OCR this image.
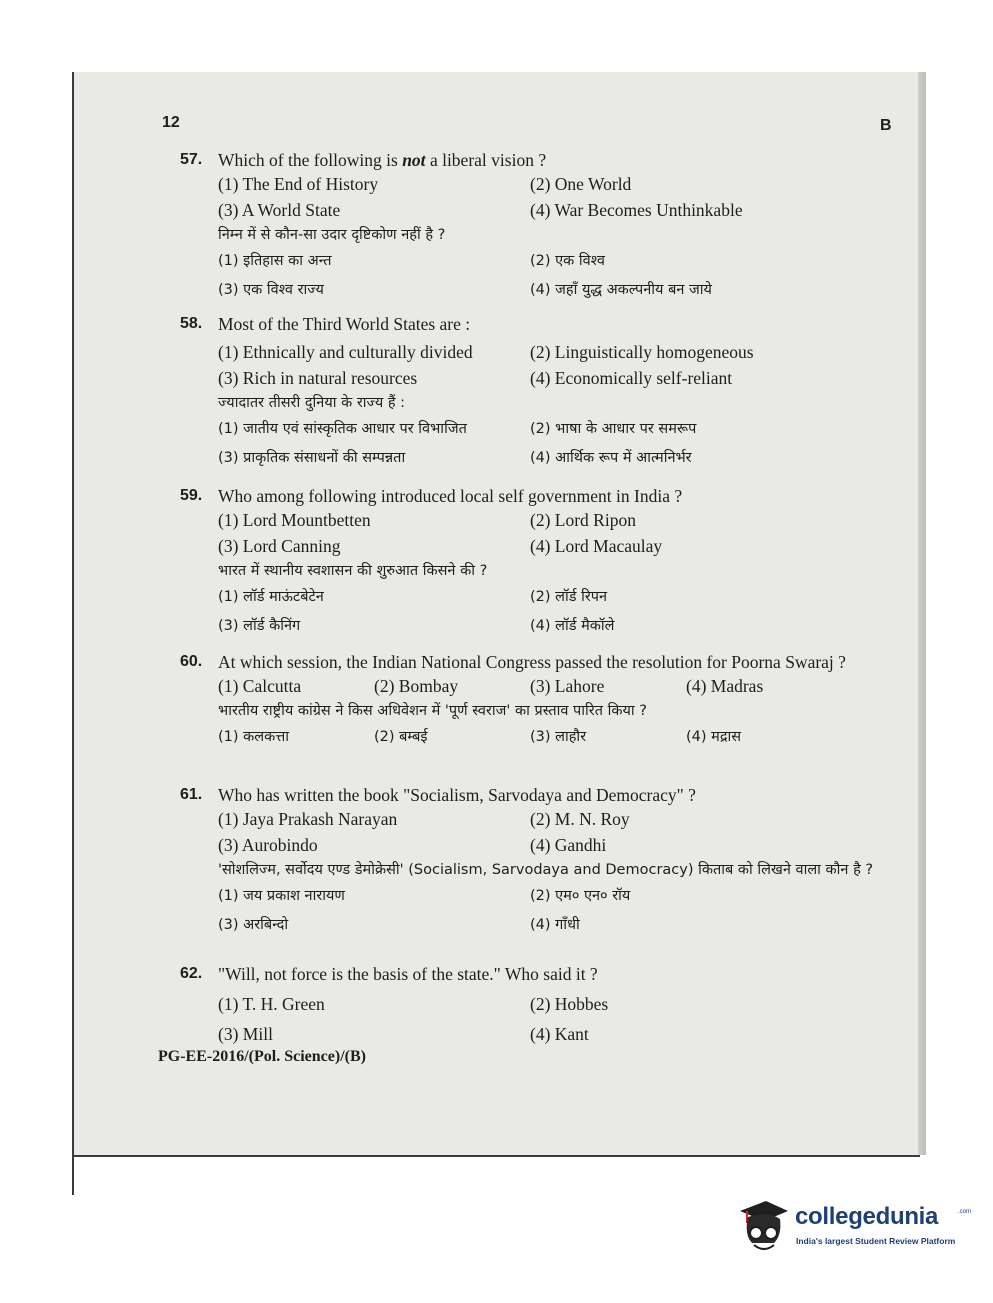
12	B
57. Which of the following is not a liberal vision ?
(1) The End of History	(2) One World
(3) A World State	(4) War Becomes Unthinkable
निम्न में से कौन-सा उदार दृष्टिकोण नहीं है ?
(1) इतिहास का अन्त	(2) एक विश्व
(3) एक विश्व राज्य	(4) जहाँ युद्ध अकल्पनीय बन जाये
58. Most of the Third World States are :
(1) Ethnically and culturally divided	(2) Linguistically homogeneous
(3) Rich in natural resources	(4) Economically self-reliant
ज्यादातर तीसरी दुनिया के राज्य हैं :
(1) जातीय एवं सांस्कृतिक आधार पर विभाजित	(2) भाषा के आधार पर समरूप
(3) प्राकृतिक संसाधनों की सम्पन्नता	(4) आर्थिक रूप में आत्मनिर्भर
59. Who among following introduced local self government in India ?
(1) Lord Mountbetten	(2) Lord Ripon
(3) Lord Canning	(4) Lord Macaulay
भारत में स्थानीय स्वशासन की शुरुआत किसने की ?
(1) लॉर्ड माऊंटबेटेन	(2) लॉर्ड रिपन
(3) लॉर्ड कैनिंग	(4) लॉर्ड मैकॉले
60. At which session, the Indian National Congress passed the resolution for Poorna Swaraj ?
(1) Calcutta	(2) Bombay	(3) Lahore	(4) Madras
भारतीय राष्ट्रीय कांग्रेस ने किस अधिवेशन में 'पूर्ण स्वराज' का प्रस्ताव पारित किया ?
(1) कलकत्ता	(2) बम्बई	(3) लाहौर	(4) मद्रास
61. Who has written the book "Socialism, Sarvodaya and Democracy" ?
(1) Jaya Prakash Narayan	(2) M. N. Roy
(3) Aurobindo	(4) Gandhi
'सोशलिज्म, सर्वोदय एण्ड डेमोक्रेसी' (Socialism, Sarvodaya and Democracy) किताब को लिखने वाला कौन है ?
(1) जय प्रकाश नारायण	(2) एम० एन० रॉय
(3) अरबिन्दो	(4) गाँधी
62. "Will, not force is the basis of the state." Who said it ?
(1) T. H. Green	(2) Hobbes
(3) Mill	(4) Kant
PG-EE-2016/(Pol. Science)/(B)
collegedunia	.com
India's largest Student Review Platform
